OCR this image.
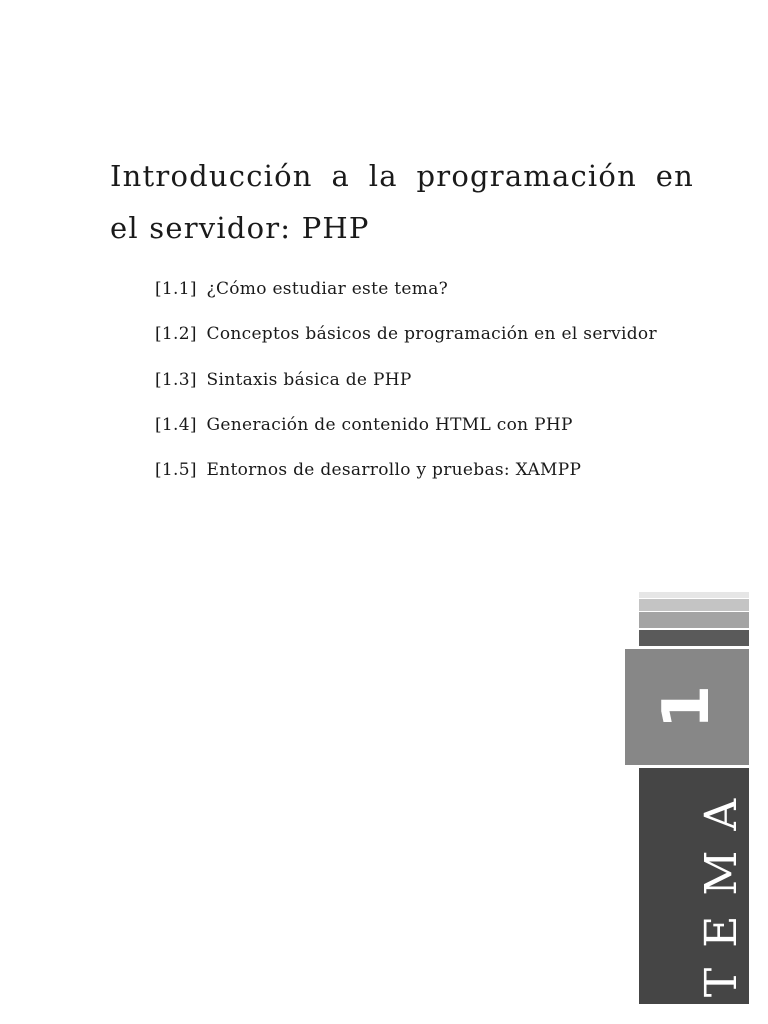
Introducción a la programación en el servidor: PHP
[1.1] ¿Cómo estudiar este tema?
[1.2] Conceptos básicos de programación en el servidor
[1.3] Sintaxis básica de PHP
[1.4] Generación de contenido HTML con PHP
[1.5] Entornos de desarrollo y pruebas: XAMPP
1
TEMA
